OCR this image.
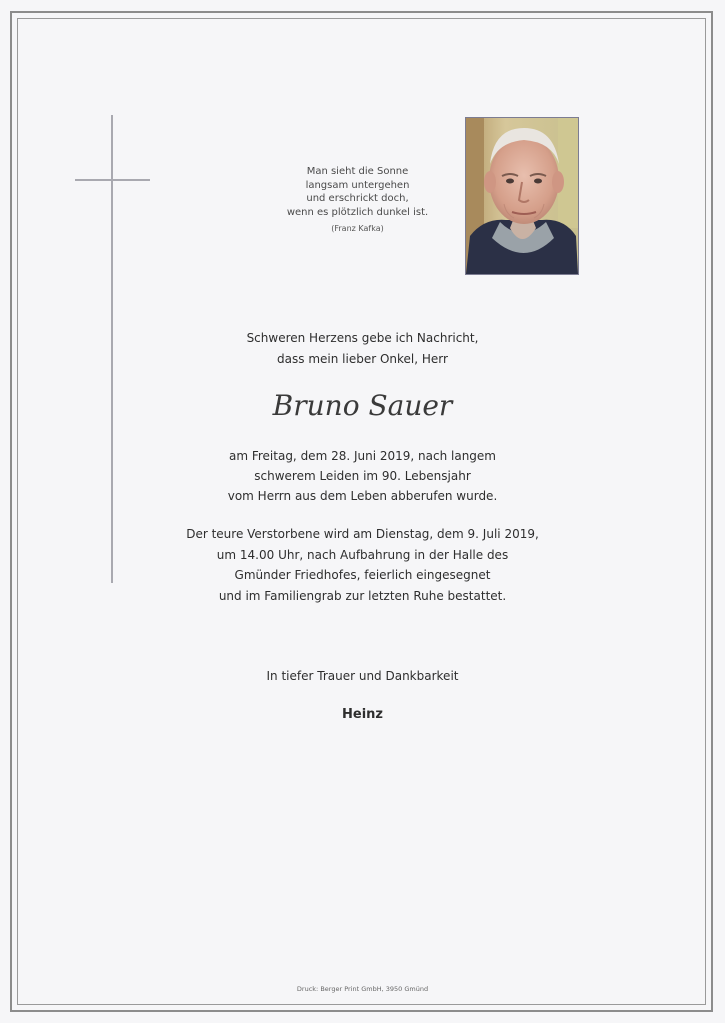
Man sieht die Sonne
langsam untergehen
und erschrickt doch,
wenn es plötzlich dunkel ist.
(Franz Kafka)
Schweren Herzens gebe ich Nachricht,
dass mein lieber Onkel, Herr
Bruno Sauer
am Freitag, dem 28. Juni 2019, nach langem
schwerem Leiden im 90. Lebensjahr
vom Herrn aus dem Leben abberufen wurde.
Der teure Verstorbene wird am Dienstag, dem 9. Juli 2019,
um 14.00 Uhr, nach Aufbahrung in der Halle des
Gmünder Friedhofes, feierlich eingesegnet
und im Familiengrab zur letzten Ruhe bestattet.
In tiefer Trauer und Dankbarkeit
Heinz
Druck: Berger Print GmbH, 3950 Gmünd
